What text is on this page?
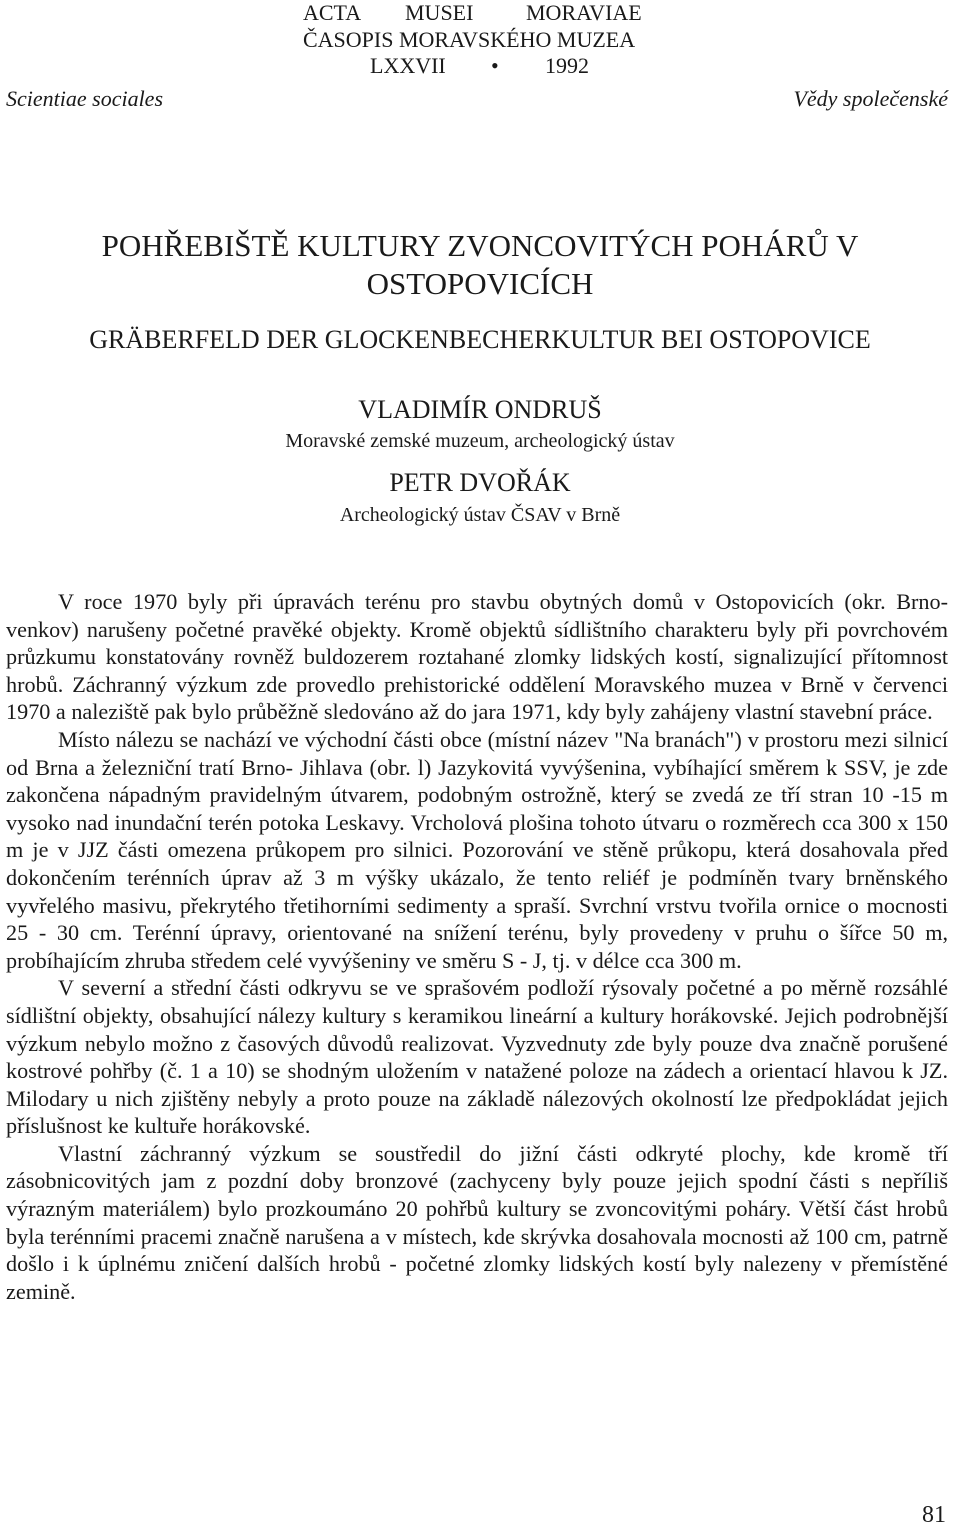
ACTA MUSEI MORAVIAE
ČASOPIS MORAVSKÉHO MUZEA
LXXVII • 1992
Scientiae sociales	Vědy společenské
POHŘEBIŠTĚ KULTURY ZVONCOVITÝCH POHÁRŮ V
OSTOPOVICÍCH
GRÄBERFELD DER GLOCKENBECHERKULTUR BEI OSTOPOVICE
VLADIMÍR ONDRUŠ
Moravské zemské muzeum, archeologický ústav
PETR DVOŘÁK
Archeologický ústav ČSAV v Brně

V roce 1970 byly při úpravách terénu pro stavbu obytných domů v Ostopovicích (okr. Brno-venkov) narušeny početné pravěké objekty. Kromě objektů sídlištního charakteru byly při povrchovém průzkumu konstatovány rovněž buldozerem roztahané zlomky lidských kostí, signalizující přítomnost hrobů. Záchranný výzkum zde provedlo prehistorické oddělení Moravského muzea v Brně v červenci 1970 a naleziště pak bylo průběžně sledováno až do jara 1971, kdy byly zahájeny vlastní stavební práce.

Místo nálezu se nachází ve východní části obce (místní název "Na branách") v prostoru mezi silnicí od Brna a železniční tratí Brno- Jihlava (obr. l) Jazykovitá vyvýšenina, vybíhající směrem k SSV, je zde zakončena nápadným pravidelným útvarem, podobným ostrožně, který se zvedá ze tří stran 10 -15 m vysoko nad inundační terén potoka Leskavy. Vrcholová plošina tohoto útvaru o rozměrech cca 300 x 150 m je v JJZ části omezena průkopem pro silnici. Pozorování ve stěně průkopu, která dosahovala před dokončením terénních úprav až 3 m výšky ukázalo, že tento reliéf je podmíněn tvary brněnského vyvřelého masivu, překrytého třetihorními sedimenty a spraší. Svrchní vrstvu tvořila ornice o mocnosti 25 - 30 cm. Terénní úpravy, orientované na snížení terénu, byly provedeny v pruhu o šířce 50 m, probíhajícím zhruba středem celé vyvýšeniny ve směru S - J, tj. v délce cca 300 m.

V severní a střední části odkryvu se ve sprašovém podloží rýsovaly početné a po měrně rozsáhlé sídlištní objekty, obsahující nálezy kultury s keramikou lineární a kultury horákovské. Jejich podrobnější výzkum nebylo možno z časových důvodů realizovat. Vyzvednuty zde byly pouze dva značně porušené kostrové pohřby (č. 1 a 10) se shodným uložením v natažené poloze na zádech a orientací hlavou k JZ. Milodary u nich zjištěny nebyly a proto pouze na základě nálezových okolností lze předpokládat jejich příslušnost ke kultuře horákovské.

Vlastní záchranný výzkum se soustředil do jižní části odkryté plochy, kde kromě tří zásobnicovitých jam z pozdní doby bronzové (zachyceny byly pouze jejich spodní části s nepříliš výrazným materiálem) bylo prozkoumáno 20 pohřbů kultury se zvoncovitými poháry. Větší část hrobů byla terénními pracemi značně narušena a v místech, kde skrývka dosahovala mocnosti až 100 cm, patrně došlo i k úplnému zničení dalších hrobů - početné zlomky lidských kostí byly nalezeny v přemístěné zemině.

81
